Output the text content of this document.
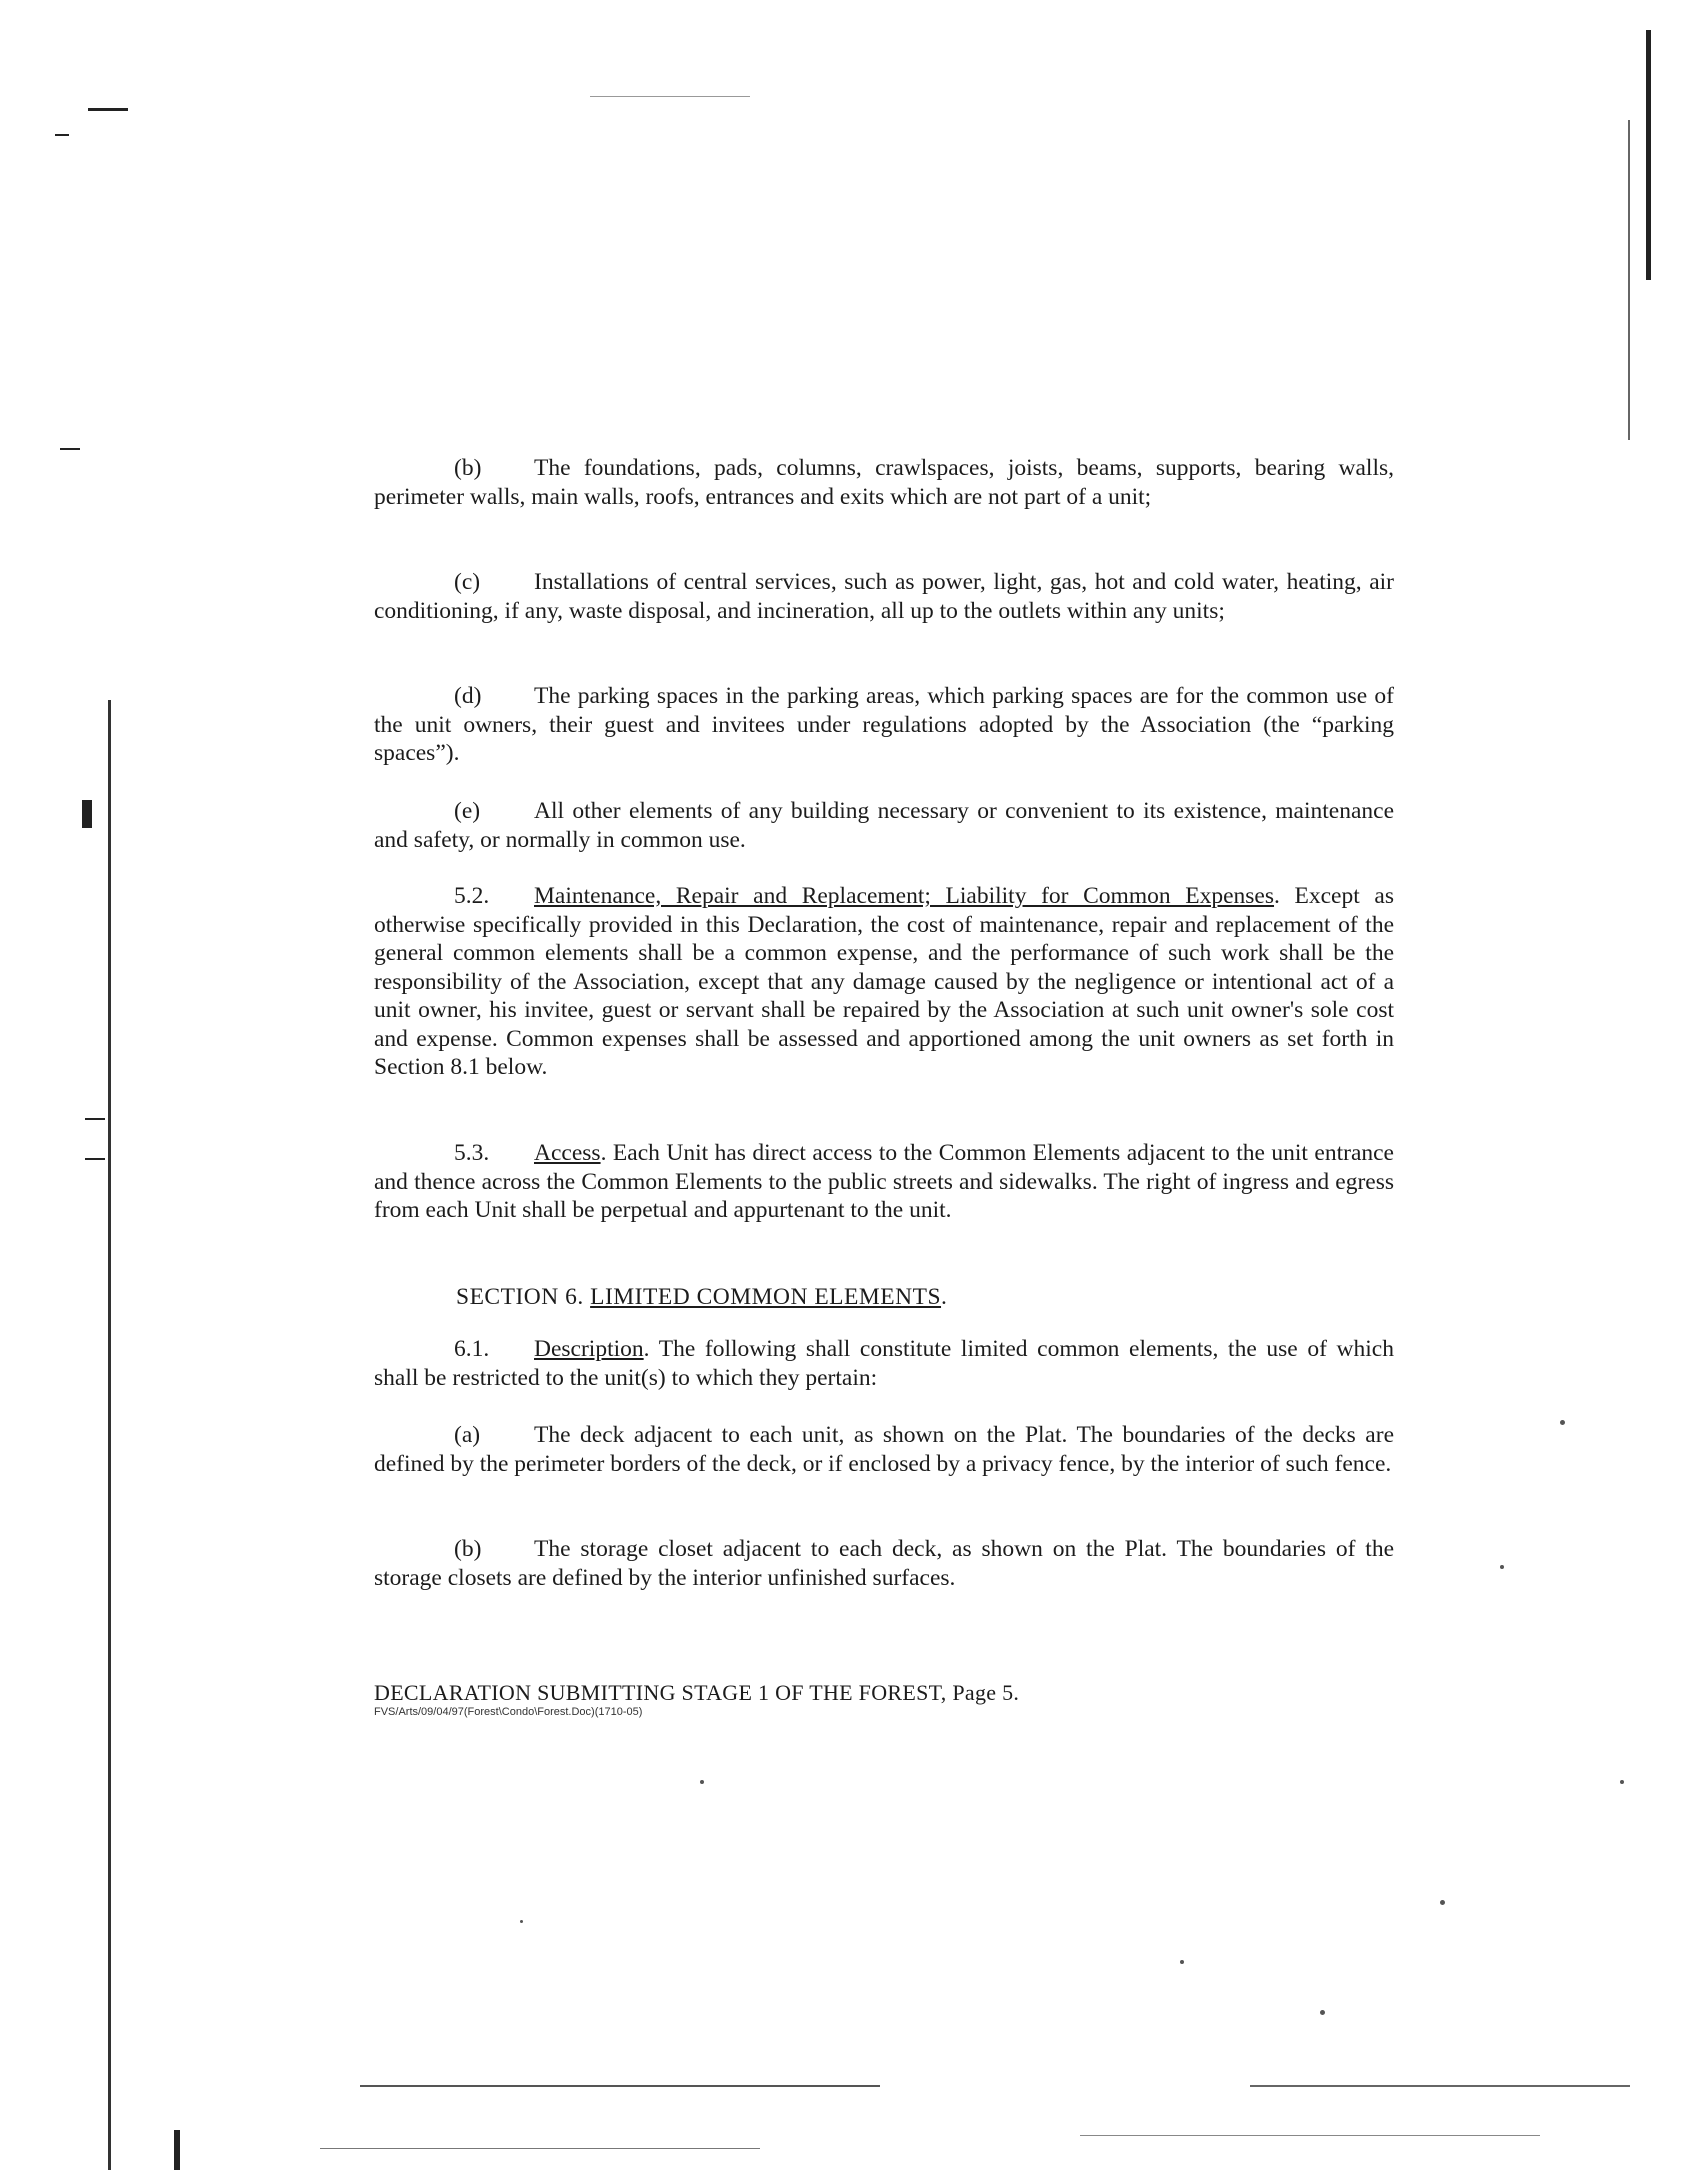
(b) The foundations, pads, columns, crawlspaces, joists, beams, supports, bearing walls, perimeter walls, main walls, roofs, entrances and exits which are not part of a unit;

(c) Installations of central services, such as power, light, gas, hot and cold water, heating, air conditioning, if any, waste disposal, and incineration, all up to the outlets within any units;

(d) The parking spaces in the parking areas, which parking spaces are for the common use of the unit owners, their guest and invitees under regulations adopted by the Association (the “parking spaces”).

(e) All other elements of any building necessary or convenient to its existence, maintenance and safety, or normally in common use.

5.2. Maintenance, Repair and Replacement; Liability for Common Expenses. Except as otherwise specifically provided in this Declaration, the cost of maintenance, repair and replacement of the general common elements shall be a common expense, and the performance of such work shall be the responsibility of the Association, except that any damage caused by the negligence or intentional act of a unit owner, his invitee, guest or servant shall be repaired by the Association at such unit owner's sole cost and expense. Common expenses shall be assessed and apportioned among the unit owners as set forth in Section 8.1 below.

5.3. Access. Each Unit has direct access to the Common Elements adjacent to the unit entrance and thence across the Common Elements to the public streets and sidewalks. The right of ingress and egress from each Unit shall be perpetual and appurtenant to the unit.

SECTION 6. LIMITED COMMON ELEMENTS.

6.1. Description. The following shall constitute limited common elements, the use of which shall be restricted to the unit(s) to which they pertain:

(a) The deck adjacent to each unit, as shown on the Plat. The boundaries of the decks are defined by the perimeter borders of the deck, or if enclosed by a privacy fence, by the interior of such fence.

(b) The storage closet adjacent to each deck, as shown on the Plat. The boundaries of the storage closets are defined by the interior unfinished surfaces.

DECLARATION SUBMITTING STAGE 1 OF THE FOREST, Page 5.
FVS/Arts/09/04/97(Forest\Condo\Forest.Doc)(1710-05)
